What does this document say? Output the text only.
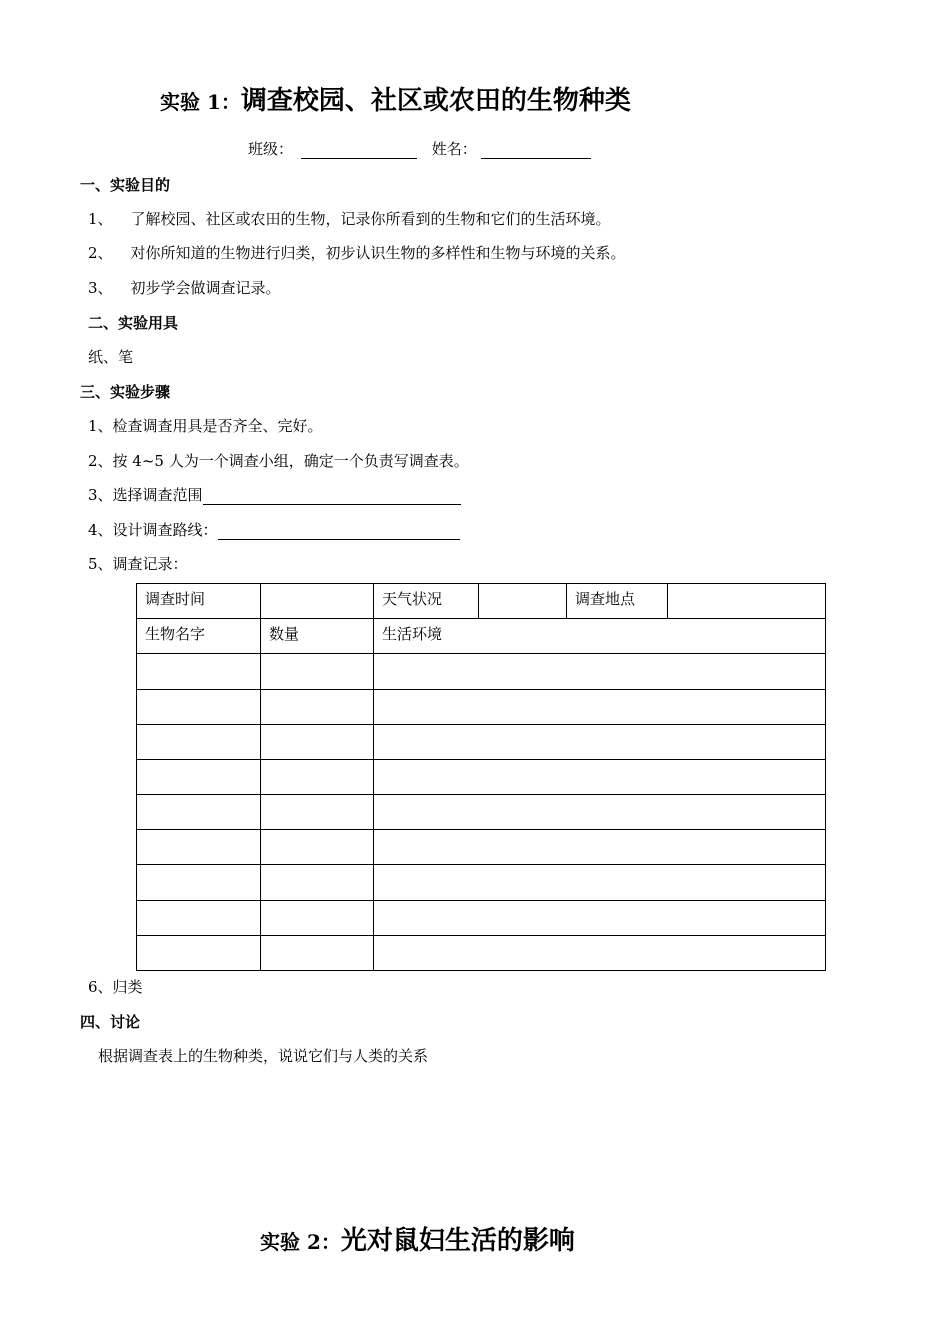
实验 1：调查校园、社区或农田的生物种类
班级：	姓名：
一、实验目的
1、 了解校园、社区或农田的生物，记录你所看到的生物和它们的生活环境。
2、 对你所知道的生物进行归类，初步认识生物的多样性和生物与环境的关系。
3、 初步学会做调查记录。
二、实验用具
纸、笔
三、实验步骤
1、检查调查用具是否齐全、完好。
2、按 4~5 人为一个调查小组，确定一个负责写调查表。
3、选择调查范围
4、设计调查路线：
5、调查记录：
调查时间		天气状况		调查地点	
生物名字	数量	生活环境			

6、归类
四、讨论
根据调查表上的生物种类，说说它们与人类的关系
实验 2：光对鼠妇生活的影响
